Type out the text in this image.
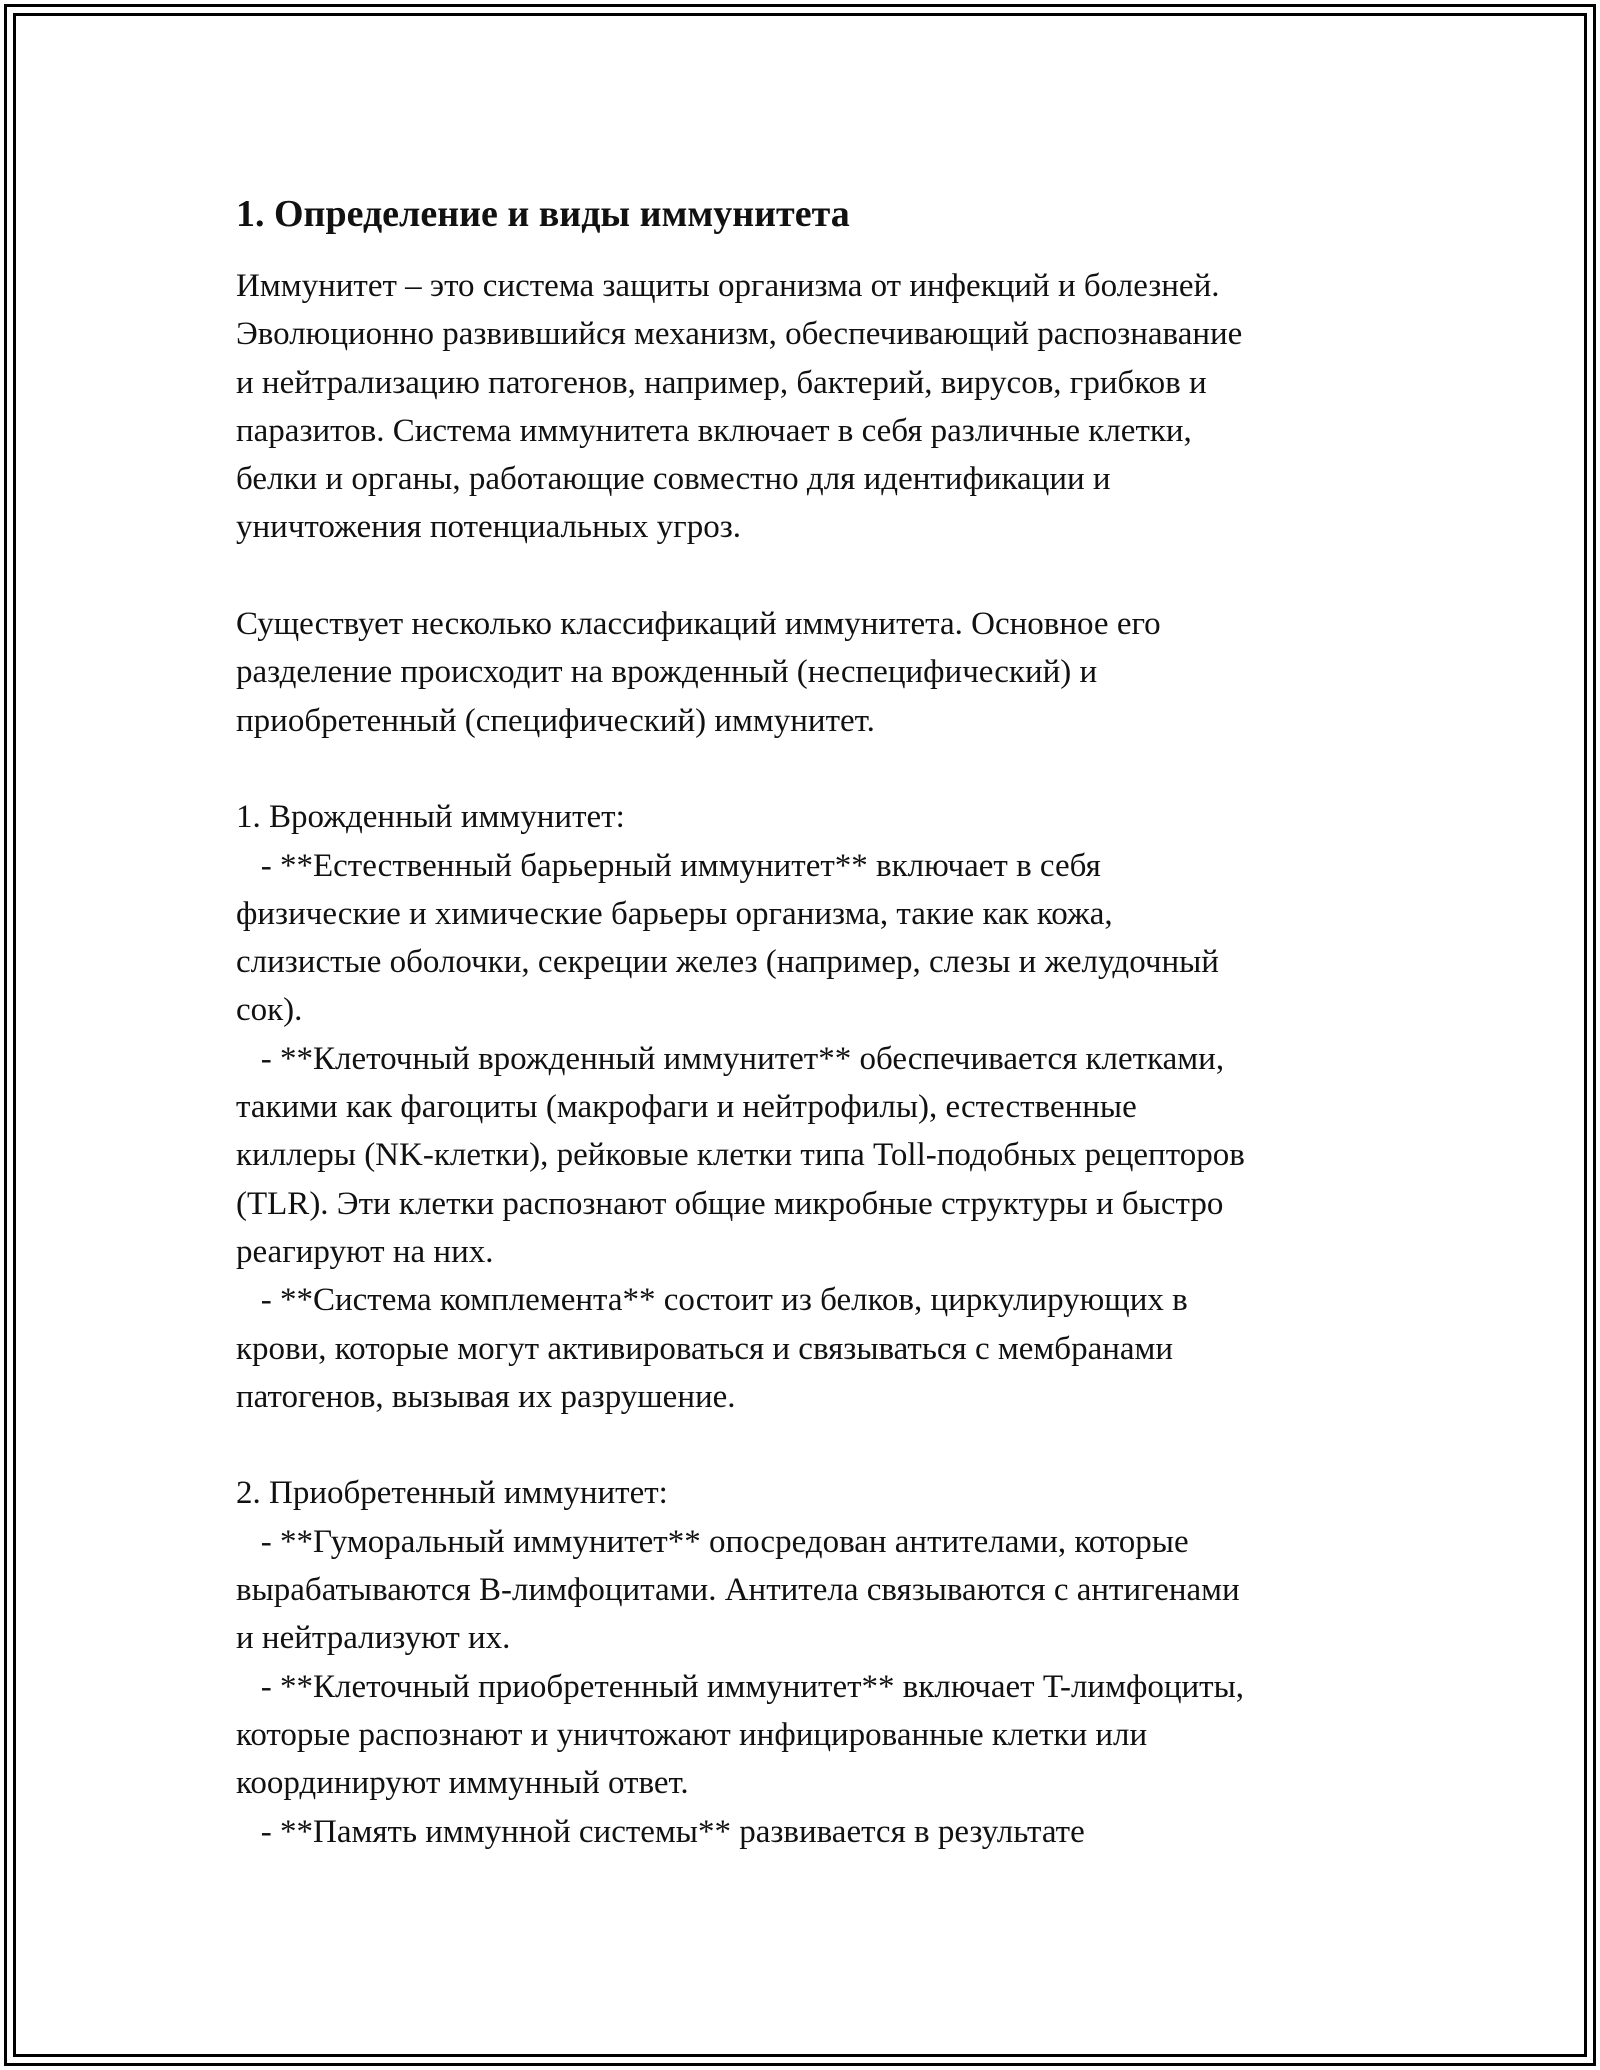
1. Определение и виды иммунитета
Иммунитет – это система защиты организма от инфекций и болезней.
Эволюционно развившийся механизм, обеспечивающий распознавание
и нейтрализацию патогенов, например, бактерий, вирусов, грибков и
паразитов. Система иммунитета включает в себя различные клетки,
белки и органы, работающие совместно для идентификации и
уничтожения потенциальных угроз.
Существует несколько классификаций иммунитета. Основное его
разделение происходит на врожденный (неспецифический) и
приобретенный (специфический) иммунитет.
1. Врожденный иммунитет:
- **Естественный барьерный иммунитет** включает в себя
физические и химические барьеры организма, такие как кожа,
слизистые оболочки, секреции желез (например, слезы и желудочный
сок).
- **Клеточный врожденный иммунитет** обеспечивается клетками,
такими как фагоциты (макрофаги и нейтрофилы), естественные
киллеры (NK-клетки), рейковые клетки типа Toll-подобных рецепторов
(TLR). Эти клетки распознают общие микробные структуры и быстро
реагируют на них.
- **Система комплемента** состоит из белков, циркулирующих в
крови, которые могут активироваться и связываться с мембранами
патогенов, вызывая их разрушение.
2. Приобретенный иммунитет:
- **Гуморальный иммунитет** опосредован антителами, которые
вырабатываются B-лимфоцитами. Антитела связываются с антигенами
и нейтрализуют их.
- **Клеточный приобретенный иммунитет** включает T-лимфоциты,
которые распознают и уничтожают инфицированные клетки или
координируют иммунный ответ.
- **Память иммунной системы** развивается в результате
